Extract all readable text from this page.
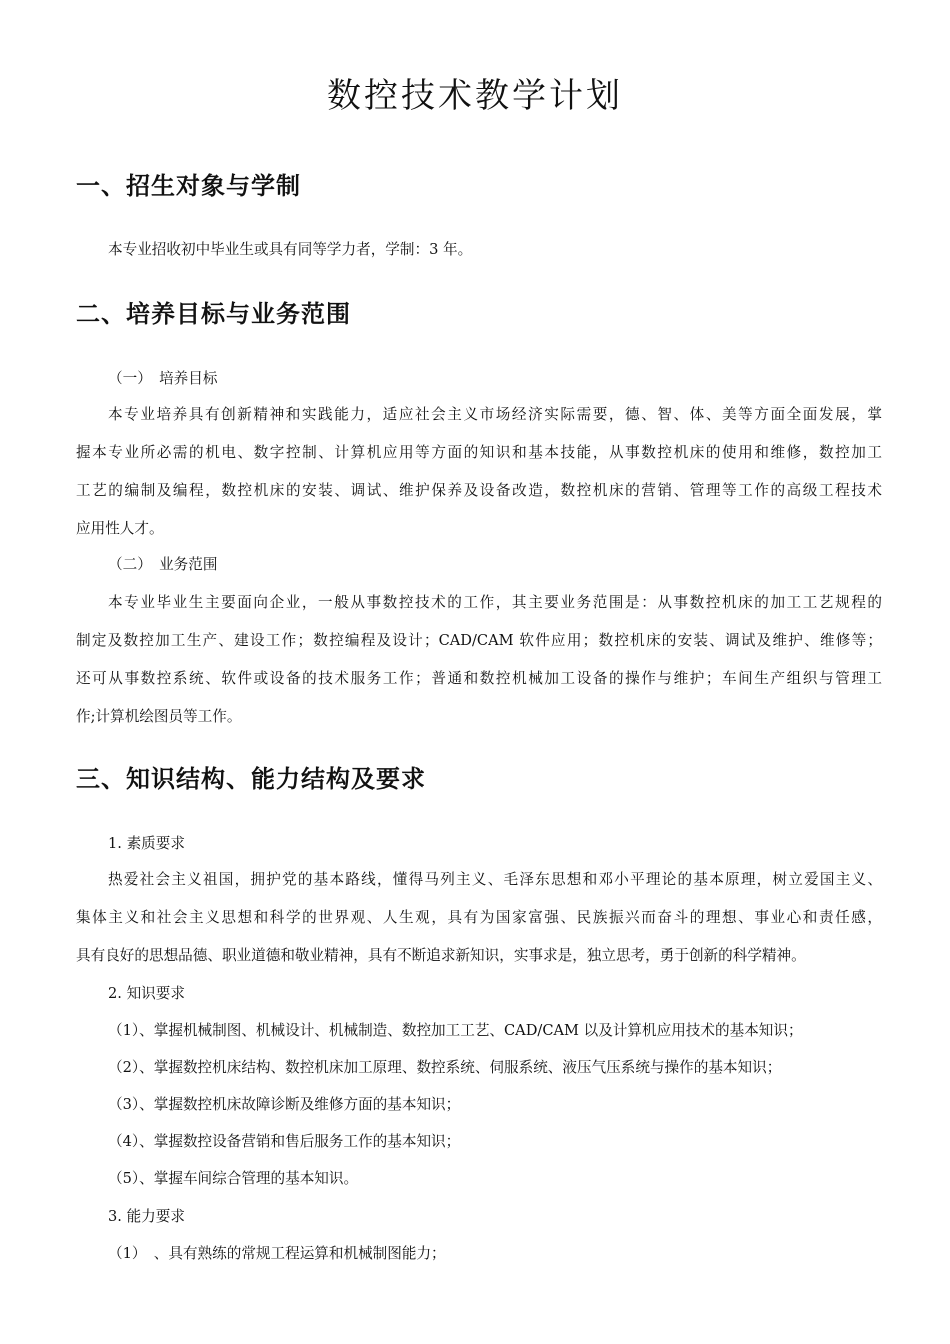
数控技术教学计划
一、招生对象与学制
本专业招收初中毕业生或具有同等学力者，学制：3 年。
二、培养目标与业务范围
（一）　培养目标
本专业培养具有创新精神和实践能力，适应社会主义市场经济实际需要，德、智、体、美等方面全面发展，掌
握本专业所必需的机电、数字控制、计算机应用等方面的知识和基本技能，从事数控机床的使用和维修，数控加工
工艺的编制及编程，数控机床的安装、调试、维护保养及设备改造，数控机床的营销、管理等工作的高级工程技术
应用性人才。
（二）　业务范围
本专业毕业生主要面向企业，一般从事数控技术的工作，其主要业务范围是：从事数控机床的加工工艺规程的
制定及数控加工生产、建设工作；数控编程及设计；CAD/CAM 软件应用；数控机床的安装、调试及维护、维修等；
还可从事数控系统、软件或设备的技术服务工作；普通和数控机械加工设备的操作与维护；车间生产组织与管理工
作;计算机绘图员等工作。
三、知识结构、能力结构及要求
1. 素质要求
热爱社会主义祖国，拥护党的基本路线，懂得马列主义、毛泽东思想和邓小平理论的基本原理，树立爱国主义、
集体主义和社会主义思想和科学的世界观、人生观，具有为国家富强、民族振兴而奋斗的理想、事业心和责任感，
具有良好的思想品德、职业道德和敬业精神，具有不断追求新知识，实事求是，独立思考，勇于创新的科学精神。
2. 知识要求
（1）、掌握机械制图、机械设计、机械制造、数控加工工艺、CAD/CAM 以及计算机应用技术的基本知识；
（2）、掌握数控机床结构、数控机床加工原理、数控系统、伺服系统、液压气压系统与操作的基本知识；
（3）、掌握数控机床故障诊断及维修方面的基本知识；
（4）、掌握数控设备营销和售后服务工作的基本知识；
（5）、掌握车间综合管理的基本知识。
3. 能力要求
（1）　、具有熟练的常规工程运算和机械制图能力；
